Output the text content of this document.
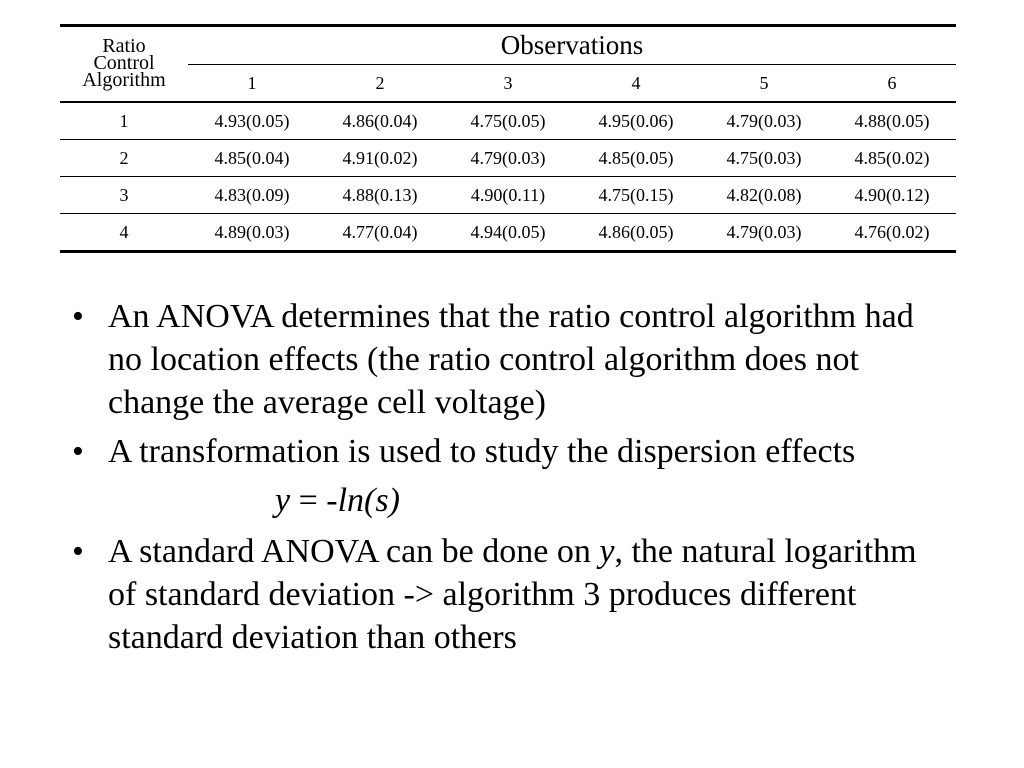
Ratio
Control
Algorithm	Observations					
	1	2	3	4	5	6
1	4.93(0.05)	4.86(0.04)	4.75(0.05)	4.95(0.06)	4.79(0.03)	4.88(0.05)
2	4.85(0.04)	4.91(0.02)	4.79(0.03)	4.85(0.05)	4.75(0.03)	4.85(0.02)
3	4.83(0.09)	4.88(0.13)	4.90(0.11)	4.75(0.15)	4.82(0.08)	4.90(0.12)
4	4.89(0.03)	4.77(0.04)	4.94(0.05)	4.86(0.05)	4.79(0.03)	4.76(0.02)
• An ANOVA determines that the ratio control algorithm had no location effects (the ratio control algorithm does not change the average cell voltage)
• A transformation is used to study the dispersion effects
y = -ln(s)
• A standard ANOVA can be done on y, the natural logarithm of standard deviation -> algorithm 3 produces different standard deviation than others
